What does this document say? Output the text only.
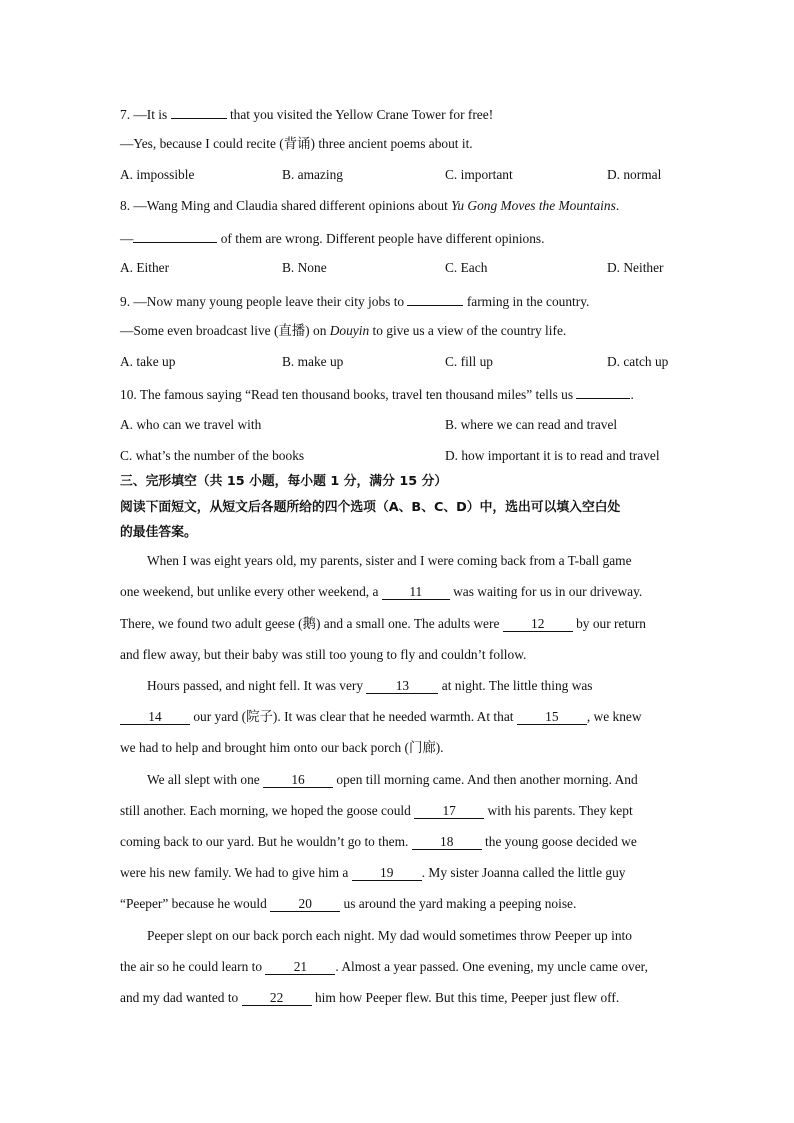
7. —It is	that you visited the Yellow Crane Tower for free!
—Yes, because I could recite (背诵) three ancient poems about it.
A. impossible	B. amazing	C. important	D. normal
8. —Wang Ming and Claudia shared different opinions about Yu Gong Moves the Mountains.
—	of them are wrong. Different people have different opinions.
A. Either	B. None	C. Each	D. Neither
9. —Now many young people leave their city jobs to	farming in the country.
—Some even broadcast live (直播) on Douyin to give us a view of the country life.
A. take up	B. make up	C. fill up	D. catch up
10. The famous saying “Read ten thousand books, travel ten thousand miles” tells us	.
A. who can we travel with	B. where we can read and travel
C. what’s the number of the books	D. how important it is to read and travel
三、完形填空（共 15 小题，每小题 1 分，满分 15 分）
阅读下面短文，从短文后各题所给的四个选项（A、B、C、D）中，选出可以填入空白处
的最佳答案。
When I was eight years old, my parents, sister and I were coming back from a T-ball game
one weekend, but unlike every other weekend, a 11 was waiting for us in our driveway.
There, we found two adult geese (鹅) and a small one. The adults were 12 by our return
and flew away, but their baby was still too young to fly and couldn’t follow.
Hours passed, and night fell. It was very 13 at night. The little thing was
14 our yard (院子). It was clear that he needed warmth. At that 15 , we knew
we had to help and brought him onto our back porch (门廊).
We all slept with one 16 open till morning came. And then another morning. And
still another. Each morning, we hoped the goose could 17 with his parents. They kept
coming back to our yard. But he wouldn’t go to them. 18 the young goose decided we
were his new family. We had to give him a 19 . My sister Joanna called the little guy
“Peeper” because he would 20 us around the yard making a peeping noise.
Peeper slept on our back porch each night. My dad would sometimes throw Peeper up into
the air so he could learn to 21 . Almost a year passed. One evening, my uncle came over,
and my dad wanted to 22 him how Peeper flew. But this time, Peeper just flew off.
